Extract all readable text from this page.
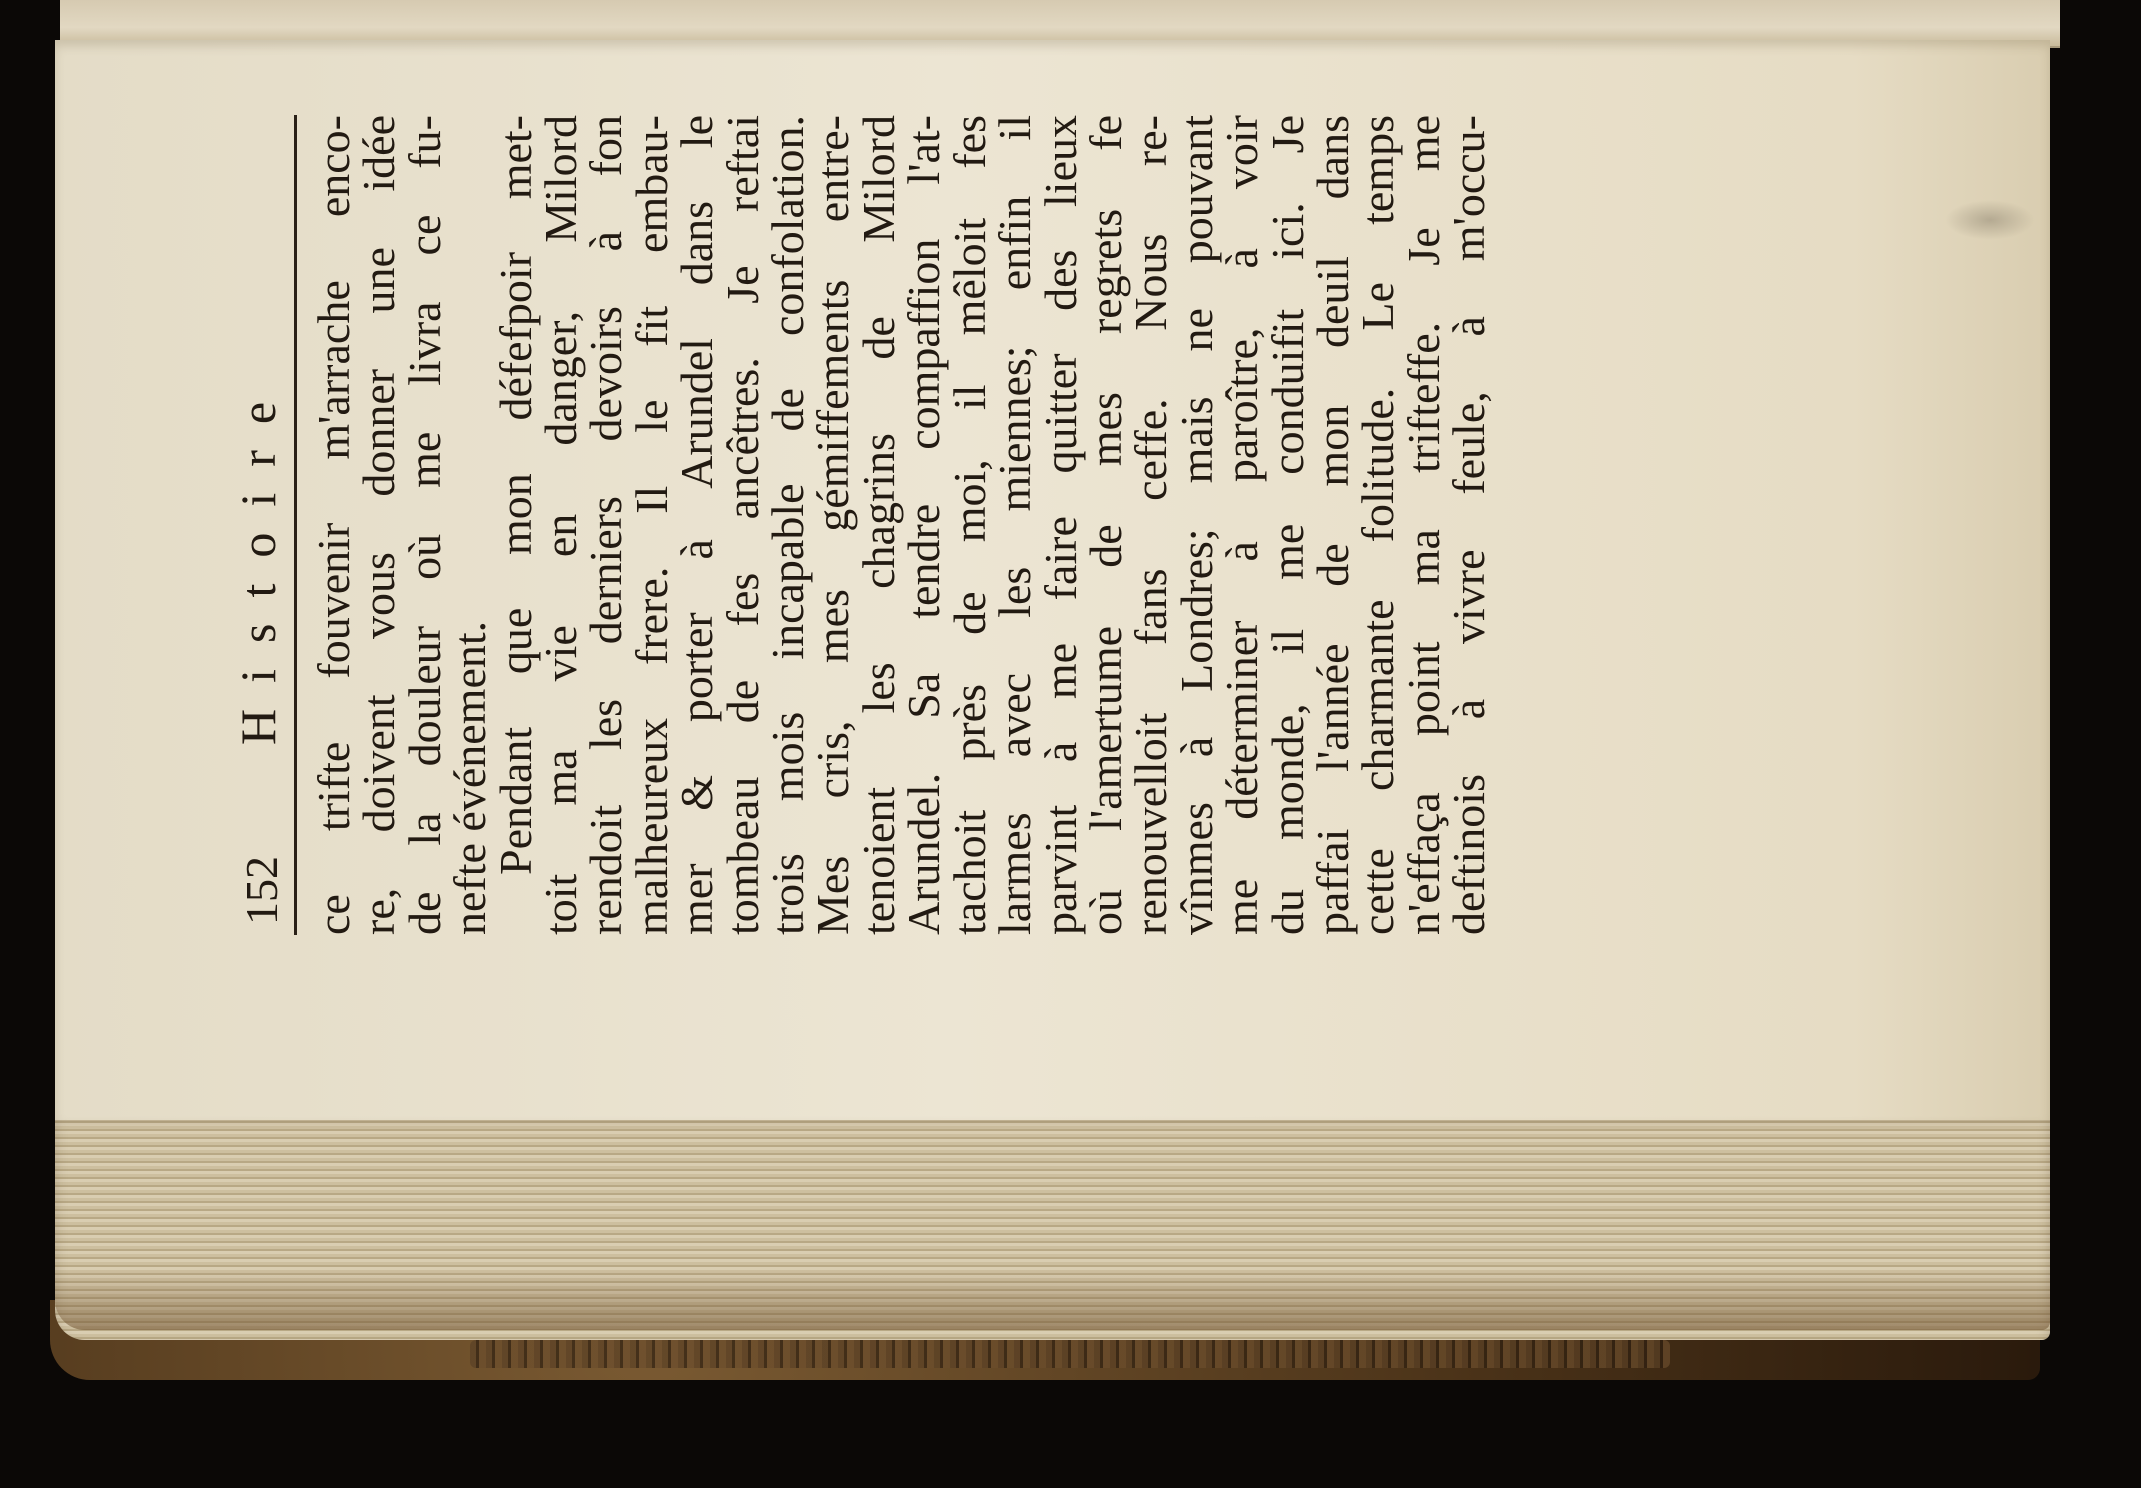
152
Histoire ce trifte fouvenir m'arrache enco-
re, doivent vous donner une idée
de la douleur où me livra ce fu-
nefte événement.
Pendant que mon défefpoir met-
toit ma vie en danger, Milord
rendoit les derniers devoirs à fon
malheureux frere. Il le fit embau-
mer & porter à Arundel dans le
tombeau de fes ancêtres. Je reftai
trois mois incapable de confolation.
Mes cris, mes gémiffements entre-
tenoient les chagrins de Milord
Arundel. Sa tendre compaffion l'at-
tachoit près de moi, il mêloit fes
larmes avec les miennes; enfin il
parvint à me faire quitter des lieux
où l'amertume de mes regrets fe
renouvelloit fans ceffe. Nous re-
vînmes à Londres; mais ne pouvant
me déterminer à paroître, à voir
du monde, il me conduifit ici. Je
paffai l'année de mon deuil dans
cette charmante folitude. Le temps
n'effaça point ma trifteffe. Je me
deftinois à vivre feule, à m'occu-
